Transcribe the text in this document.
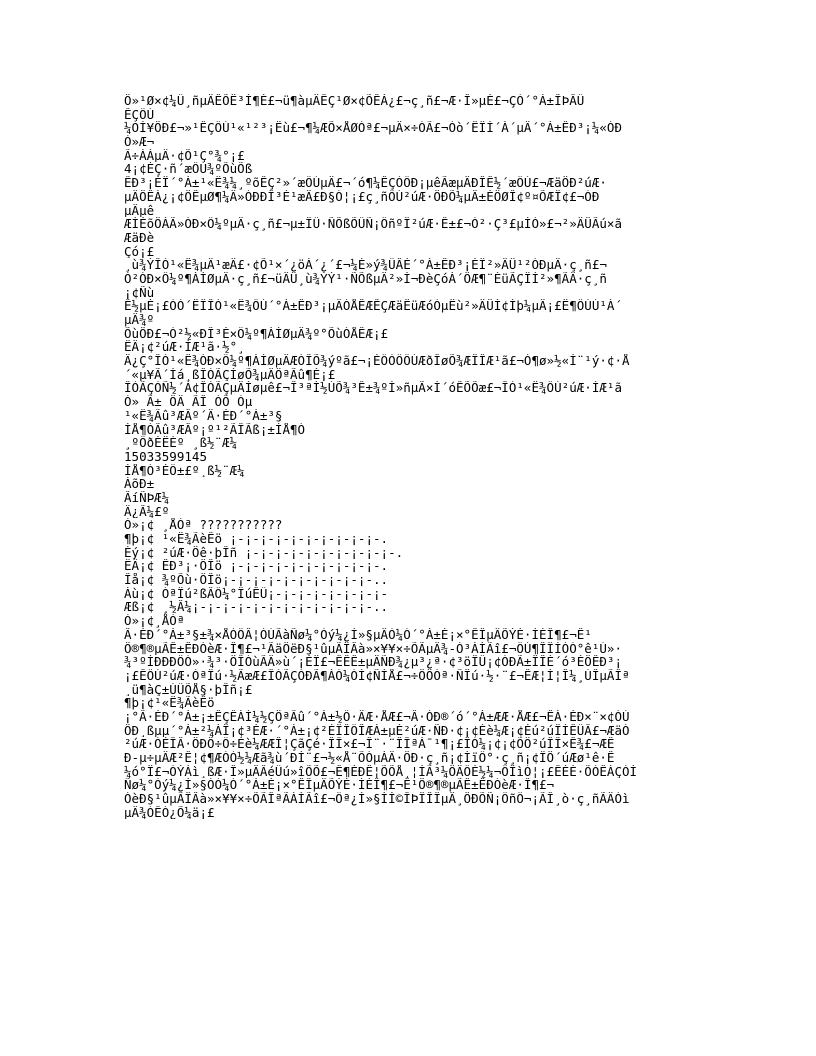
Ö»¹Ø×¢¼Û¸ñµÄÊÕË³Ì¶È£¬ü¶àµÄÊÇ¹Ø×¢ÕÊÁ¿£¬ç¸ñ£¬Æ·Î»µÈ£¬ÇÒ´°Á±ÎÞÂÛ
ÊÇÔÚ
¼ÓÍ¥ÖÐ£¬»¹ÊÇÔÚ¹«¹²³¡Ëù£¬¶¼ÆÕ×ÅØÒª£¬µÄ×÷ÓÃ£¬Òò´ËÏÍ´À´µÄ´°Á±ÊÐ³¡¼«ÓÐ
Ò»Æ¬
Ã÷ÁÁµÄ·¢Õ¹Ç°¾°¡£
4¡¢ÈÇ·ñ´æÔÚ¾ºÕùÕß
ÊÐ³¡ÉÏ´°Á±¹«Ë¾¼¸ºõÊÇ²»´æÔÚµÄ£¬´ó¶¼ÊÇÒÔÐ¡µêÃæµÄÐÎÊ½´æÔÚ£¬ÆäÖÐ²úÆ·
µÄÖÊÁ¿¡¢ÖÊµØ¶¼Ä»ÓÐÐÎ³É¹æÄ£Ð§Ó¦¡£ç¸ñÔÚ²úÆ·ÖÐÕ¼µÄ±ÈÖØÎ¢º¤ÕÆÏ¢£¬ÓÐ
µÄµê
ÆÌÉõÖÁÃ»ÓÐ×Ô¼ºµÄ·ç¸ñ£¬µ±ÏÛ·ÑÕßÕÛÑ¡ÔñºÏ²úÆ·Ê±£¬Ò²·Ç³£µÍÒ»£¬²»ÄÜÃú×ã
ÆäÐè
Çó¡£
¸ù¾ÝÎÒ¹«Ë¾µÄ¹æÄ£·¢Õ¹×´¿öÀ´¿´£¬¼È»ý¾ÛÂÉ´°Á±ÊÐ³¡ÉÏ²»ÄÜ¹²ÓÐµÄ·ç¸ñ£¬
Ò²ÓÐ×Ô¼º¶ÀÌØµÄ·ç¸ñ£¬üÄÜ¸ù¾ÝÝ¹·ÑÕßµÄ²»Í¬ÐèÇóÀ´ÖÆ¶¨ÈüÃÇÏÍ²»¶ÃÄ·ç¸ñ
¡¢Ñù
Ê½µÈ¡£ÒÒ´ËÏÎÒ¹«Ë¾ÔÚ´°Á±ÊÐ³¡µÄÓÅÊÆÊÇÆäËüÆóÒµËù²»ÄÜÌ¢Íþ¼µÄ¡£Ë¶ÔÚÚ¹À´
µÄ¾º
ÕùÖÐ£¬Ò²½«ÐÎ³É×Ô¼º¶ÀÌØµÄ¾º°ÕùÓÅÊÆ¡£
ËÄ¡¢²úÆ·ÍÆ¹ã·½°¸
Ä¿Ç°ÎÒ¹«Ë¾ÓÐ×Ô¼º¶ÀÌØµÄÆÓÎÕ¾ýºã£¬¡ÉÔÒÔÔÚÆðÎøÕ¾ÆÏÎÆ¹ã£¬Ó¶ø»½«Í¨¹ý·¢·Å
´«µ¥Ã´Íá¸ßÎÒÃÇÍøÕ¾µÄÖªÃû¶È¡£
ÎÒÃÇÒÑ½´Á¢ÎÒÃÇµÄÍøµê£¬Î³ªÌ½ÚÕ¾³Ê±¾ºÍ»ñµÃ×Ì´óÊÕÕæ£¬ÎÒ¹«Ë¾ÔÚ²úÆ·ÍÆ¹ã
Ò» Ã± ÖÄ ÃÎ ÒÕ Òµ
¹«Ë¾Ãû³ÆÂº´Ä·ÉÐ´°Á±³§
ÍÅ¶ÓÃû³ÆÂº¡º¹²ÃÎÃß¡±ÍÅ¶Ó
¸ºÔðÈËÈº ¸ß½¨Æ¼
15033599145
ÍÅ¶Ó³ÉÔ±£º¸ß½¨Æ¼
ÁõÐ±
ÂíÑÞÆ¼
Ä¿Â¼£º
Ò»¡¢ ¸ÅÒª ???????????
¶þ¡¢ ¹«Ë¾ÃèÊö ¡-¡-¡-¡-¡-¡-¡-¡-¡-¡-.
Èý¡¢ ²úÆ·Öê·þÎñ ¡-¡-¡-¡-¡-¡-¡-¡-¡-¡-.
ËÄ¡¢ ÊÐ³¡·ÖÎö ¡-¡-¡-¡-¡-¡-¡-¡-¡-¡-.
Îå¡¢ ¾ºÕù·ÖÎö¡-¡-¡-¡-¡-¡-¡-¡-¡-¡-..
Áù¡¢ ÓªÏú²ßÂÔ¼°ÏúÊÛ¡-¡-¡-¡-¡-¡-¡-¡-
Æß¡¢ ¸½Â¼¡-¡-¡-¡-¡-¡-¡-¡-¡-¡-¡-¡-..
Ò»¡¢¸ÅÒª
Â·ÉÐ´°Á±³§±¾×ÅÒÔÂ¦ÓÚÃàÑø¼°Òý¼¿Í»§µÄÒ¼Ó´°Á±È¡×°ÊÎµÄÕÝÈ·ÌÈÎ¶£¬Ê¹
Ö®¶®µÃÊ±ÊÐÓèÆ·Î¶£¬¹ÃäÖëÐ§¹ûµÃÏÂà»×¥¥×÷ÕÃµÄ¾-Ó³ÀÌÃî£¬ÔÚ¶ÎÏÍÒÓ°ê¹Ú»·
¾³ºÍÐÐÐÔÓ»·¾³·ÖÎÓùÃÄ»ù´¡ÉÏ£¬ÊÊÊ±µÄÑÐ¾¿µ³¿ª·¢³öÏÛ¡¢ÓÐÃ±ÏÎÈ´ó³ÈÖÊÐ³¡
¡£ÊÔÚ²úÆ·ÓªÏú·½ÃæÆ£ÎÒÃÇÓÐÃ¶ÁÓ¼ÓÍ¢ÑÍÅ£¬÷ÖÖÓª·ÑÏú·½·¨£¬ÊÆ¦Ì¦Î¼¸ÚÎµÃÎª
¸ü¶àÇ±ÚÛÕÅ§·þÎñ¡£
¶þ¡¢¹«Ë¾ÃèÊö
¡°Â·ÉÐ´°Á±¡±ÊÇÊÀÌ¼½ÇÖªÃû´°Á±½Ô·ÄÆ·ÅÆ£¬Â·ÓÐ®´ó´°Á±ÆÆ·ÅÆ£¬ÊÀ·ÉÐ×¨×¢ÓÚ
ÖÐ¸ßµµ´°Á±²¼ÁÏ¡¢³ÉÆ·´°Á±¡¢²ÉÏÎÔÎÆÁ±µÈ²úÆ·ÑÐ·¢¡¢Éè¼Æ¡¢Éú²úÏÍÊÛÂ£¬ÆäÓ
²úÆ·ÓÉÎÂ·ÖÐÖ÷Ô÷Éè¼ÆÆÎ¦ÇãÇé·ÎÎ×£¬Î¨·¨ÎÎªÁ¯¹¶¡£ÎÒ¼¡¢¡¢ÕÖ²úÎÎ×Ê¾£¬ÆÊ
Ð-µ÷µÄÆ²Ê¦¢¶ÆÓÒ½¼Æã¾ù´ÐÍ¨£¬½«Å¨ÕÓµÁÄ·ÖÐ·ç¸ñ¡¢ÌïÔ°·ç¸ñ¡¢ÏÖ´úÆø¹ê·Ê
¼ó°Ï£¬ÒÝÁì¸ßÆ·Î»µÄÂéÛú»îÕÕ£¬Ê¶ÉÐÊ¦ÕÕÅ¸¦ÍÃ³¼ÖÄÔÉ½¼¬ÔÎìÓ¦¡£ÊÉÈ·ÕÒÊÁÇÓÍ
Ñø¼°Òý¼¿Í»§ÒÒ¼Ó´°Á±È¡×°ÊÎµÄÕÝÈ·ÌÈÎ¶£¬Ê¹Ö®¶®µÃÊ±ÊÐÓèÆ·Î¶£¬
ÓèÐ§¹ûµÃÏÂà»×¥¥×÷ÕÃÎªÃÀÌÃî£¬Ôª¿Í»§ÌÍ©ÎÞÏÎÏµÄ¸ÖÐÕÑ¡ÔñÔ¬¡ÃÎ¸ò·ç¸ñÃÄÒì
µÄ¾ÓÊÒ¿Õ¼ä¡£
